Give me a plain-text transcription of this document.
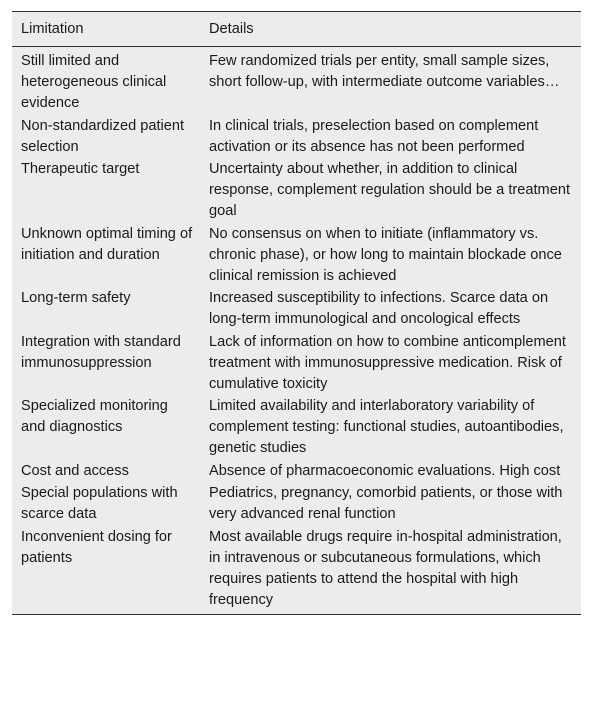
Limitation	Details
Still limited and heterogeneous clinical evidence	Few randomized trials per entity, small sample sizes, short follow-up, with intermediate outcome variables…
Non-standardized patient selection	In clinical trials, preselection based on complement activation or its absence has not been performed
Therapeutic target	Uncertainty about whether, in addition to clinical response, complement regulation should be a treatment goal
Unknown optimal timing of initiation and duration	No consensus on when to initiate (inflammatory vs. chronic phase), or how long to maintain blockade once clinical remission is achieved
Long-term safety	Increased susceptibility to infections. Scarce data on long-term immunological and oncological effects
Integration with standard immunosuppression	Lack of information on how to combine anticomplement treatment with immunosuppressive medication. Risk of cumulative toxicity
Specialized monitoring and diagnostics	Limited availability and interlaboratory variability of complement testing: functional studies, autoantibodies, genetic studies
Cost and access	Absence of pharmacoeconomic evaluations. High cost
Special populations with scarce data	Pediatrics, pregnancy, comorbid patients, or those with very advanced renal function
Inconvenient dosing for patients	Most available drugs require in-hospital administration, in intravenous or subcutaneous formulations, which requires patients to attend the hospital with high frequency
